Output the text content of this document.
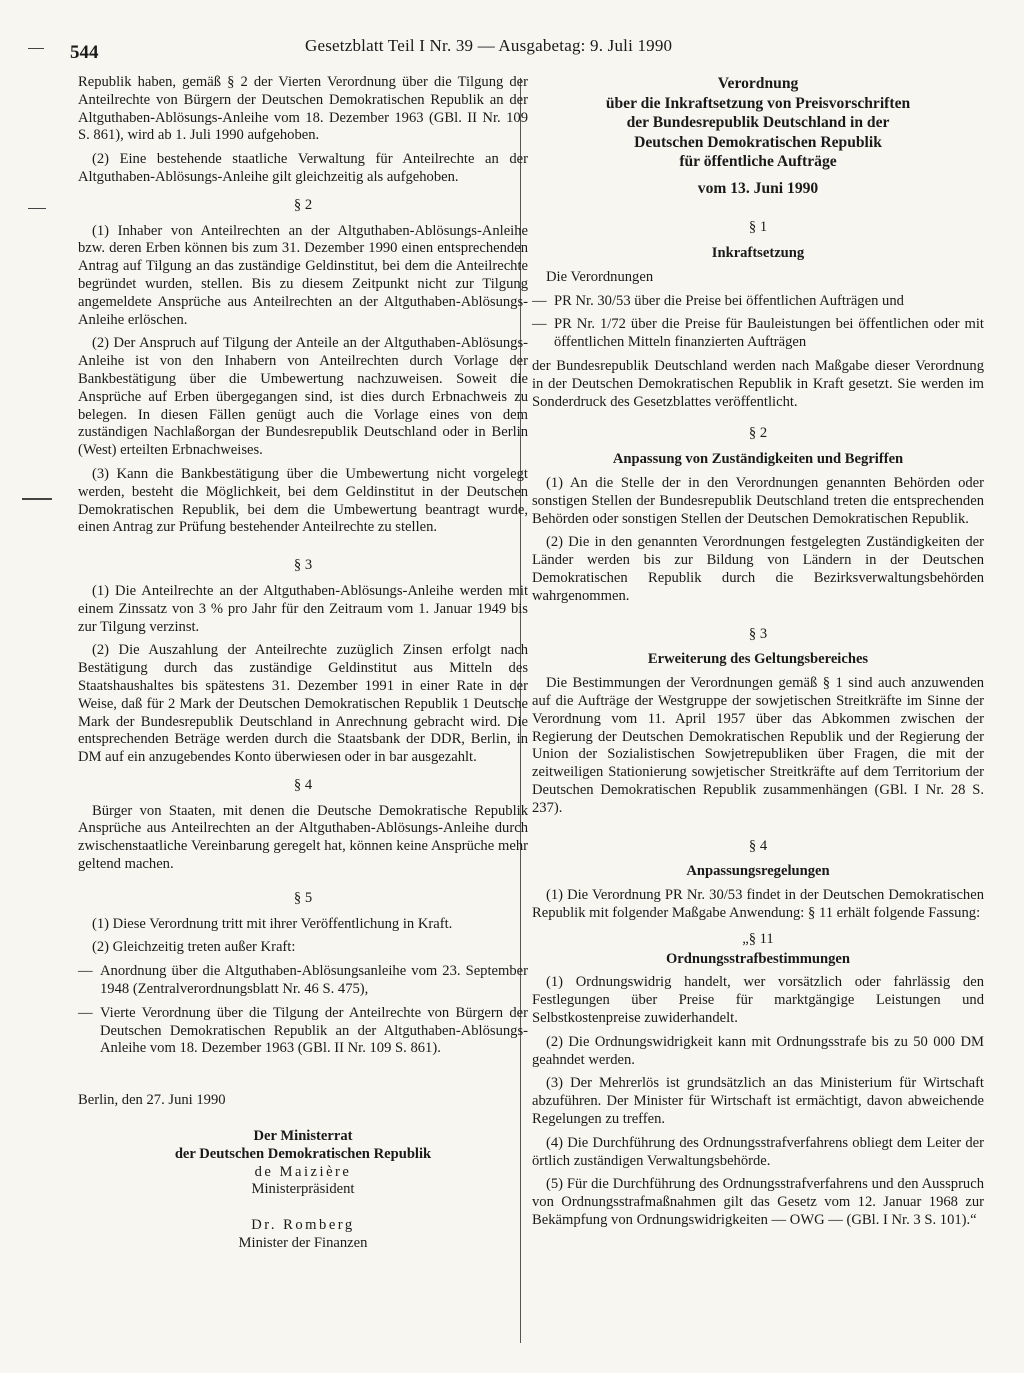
544	Gesetzblatt Teil I Nr. 39 — Ausgabetag: 9. Juli 1990

Republik haben, gemäß § 2 der Vierten Verordnung über die Tilgung der Anteilrechte von Bürgern der Deutschen Demokratischen Republik an der Altguthaben-Ablösungs-Anleihe vom 18. Dezember 1963 (GBl. II Nr. 109 S. 861), wird ab 1. Juli 1990 aufgehoben.

(2) Eine bestehende staatliche Verwaltung für Anteilrechte an der Altguthaben-Ablösungs-Anleihe gilt gleichzeitig als aufgehoben.

§ 2

(1) Inhaber von Anteilrechten an der Altguthaben-Ablösungs-Anleihe bzw. deren Erben können bis zum 31. Dezember 1990 einen entsprechenden Antrag auf Tilgung an das zuständige Geldinstitut, bei dem die Anteilrechte begründet wurden, stellen. Bis zu diesem Zeitpunkt nicht zur Tilgung angemeldete Ansprüche aus Anteilrechten an der Altguthaben-Ablösungs-Anleihe erlöschen.

(2) Der Anspruch auf Tilgung der Anteile an der Altguthaben-Ablösungs-Anleihe ist von den Inhabern von Anteilrechten durch Vorlage der Bankbestätigung über die Umbewertung nachzuweisen. Soweit die Ansprüche auf Erben übergegangen sind, ist dies durch Erbnachweis zu belegen. In diesen Fällen genügt auch die Vorlage eines von dem zuständigen Nachlaßorgan der Bundesrepublik Deutschland oder in Berlin (West) erteilten Erbnachweises.

(3) Kann die Bankbestätigung über die Umbewertung nicht vorgelegt werden, besteht die Möglichkeit, bei dem Geldinstitut in der Deutschen Demokratischen Republik, bei dem die Umbewertung beantragt wurde, einen Antrag zur Prüfung bestehender Anteilrechte zu stellen.

§ 3

(1) Die Anteilrechte an der Altguthaben-Ablösungs-Anleihe werden mit einem Zinssatz von 3 % pro Jahr für den Zeitraum vom 1. Januar 1949 bis zur Tilgung verzinst.

(2) Die Auszahlung der Anteilrechte zuzüglich Zinsen erfolgt nach Bestätigung durch das zuständige Geldinstitut aus Mitteln des Staatshaushaltes bis spätestens 31. Dezember 1991 in einer Rate in der Weise, daß für 2 Mark der Deutschen Demokratischen Republik 1 Deutsche Mark der Bundesrepublik Deutschland in Anrechnung gebracht wird. Die entsprechenden Beträge werden durch die Staatsbank der DDR, Berlin, in DM auf ein anzugebendes Konto überwiesen oder in bar ausgezahlt.

§ 4

Bürger von Staaten, mit denen die Deutsche Demokratische Republik Ansprüche aus Anteilrechten an der Altguthaben-Ablösungs-Anleihe durch zwischenstaatliche Vereinbarung geregelt hat, können keine Ansprüche mehr geltend machen.

§ 5

(1) Diese Verordnung tritt mit ihrer Veröffentlichung in Kraft.

(2) Gleichzeitig treten außer Kraft:

— Anordnung über die Altguthaben-Ablösungsanleihe vom 23. September 1948 (Zentralverordnungsblatt Nr. 46 S. 475),
— Vierte Verordnung über die Tilgung der Anteilrechte von Bürgern der Deutschen Demokratischen Republik an der Altguthaben-Ablösungs-Anleihe vom 18. Dezember 1963 (GBl. II Nr. 109 S. 861).
Berlin, den 27. Juni 1990
Der Ministerrat
der Deutschen Demokratischen Republik
de Maizière
Ministerpräsident
Dr. Romberg
Minister der Finanzen
Verordnung
über die Inkraftsetzung von Preisvorschriften
der Bundesrepublik Deutschland in der
Deutschen Demokratischen Republik
für öffentliche Aufträge
vom 13. Juni 1990
§ 1
Inkraftsetzung

Die Verordnungen

— PR Nr. 30/53 über die Preise bei öffentlichen Aufträgen und
— PR Nr. 1/72 über die Preise für Bauleistungen bei öffentlichen oder mit öffentlichen Mitteln finanzierten Aufträgen

der Bundesrepublik Deutschland werden nach Maßgabe dieser Verordnung in der Deutschen Demokratischen Republik in Kraft gesetzt. Sie werden im Sonderdruck des Gesetzblattes veröffentlicht.

§ 2
Anpassung von Zuständigkeiten und Begriffen

(1) An die Stelle der in den Verordnungen genannten Behörden oder sonstigen Stellen der Bundesrepublik Deutschland treten die entsprechenden Behörden oder sonstigen Stellen der Deutschen Demokratischen Republik.

(2) Die in den genannten Verordnungen festgelegten Zuständigkeiten der Länder werden bis zur Bildung von Ländern in der Deutschen Demokratischen Republik durch die Bezirksverwaltungsbehörden wahrgenommen.

§ 3
Erweiterung des Geltungsbereiches

Die Bestimmungen der Verordnungen gemäß § 1 sind auch anzuwenden auf die Aufträge der Westgruppe der sowjetischen Streitkräfte im Sinne der Verordnung vom 11. April 1957 über das Abkommen zwischen der Regierung der Deutschen Demokratischen Republik und der Regierung der Union der Sozialistischen Sowjetrepubliken über Fragen, die mit der zeitweiligen Stationierung sowjetischer Streitkräfte auf dem Territorium der Deutschen Demokratischen Republik zusammenhängen (GBl. I Nr. 28 S. 237).

§ 4
Anpassungsregelungen

(1) Die Verordnung PR Nr. 30/53 findet in der Deutschen Demokratischen Republik mit folgender Maßgabe Anwendung: § 11 erhält folgende Fassung:

„§ 11
Ordnungsstrafbestimmungen

(1) Ordnungswidrig handelt, wer vorsätzlich oder fahrlässig den Festlegungen über Preise für marktgängige Leistungen und Selbstkostenpreise zuwiderhandelt.

(2) Die Ordnungswidrigkeit kann mit Ordnungsstrafe bis zu 50 000 DM geahndet werden.

(3) Der Mehrerlös ist grundsätzlich an das Ministerium für Wirtschaft abzuführen. Der Minister für Wirtschaft ist ermächtigt, davon abweichende Regelungen zu treffen.

(4) Die Durchführung des Ordnungsstrafverfahrens obliegt dem Leiter der örtlich zuständigen Verwaltungsbehörde.

(5) Für die Durchführung des Ordnungsstrafverfahrens und den Ausspruch von Ordnungsstrafmaßnahmen gilt das Gesetz vom 12. Januar 1968 zur Bekämpfung von Ordnungswidrigkeiten — OWG — (GBl. I Nr. 3 S. 101).“
